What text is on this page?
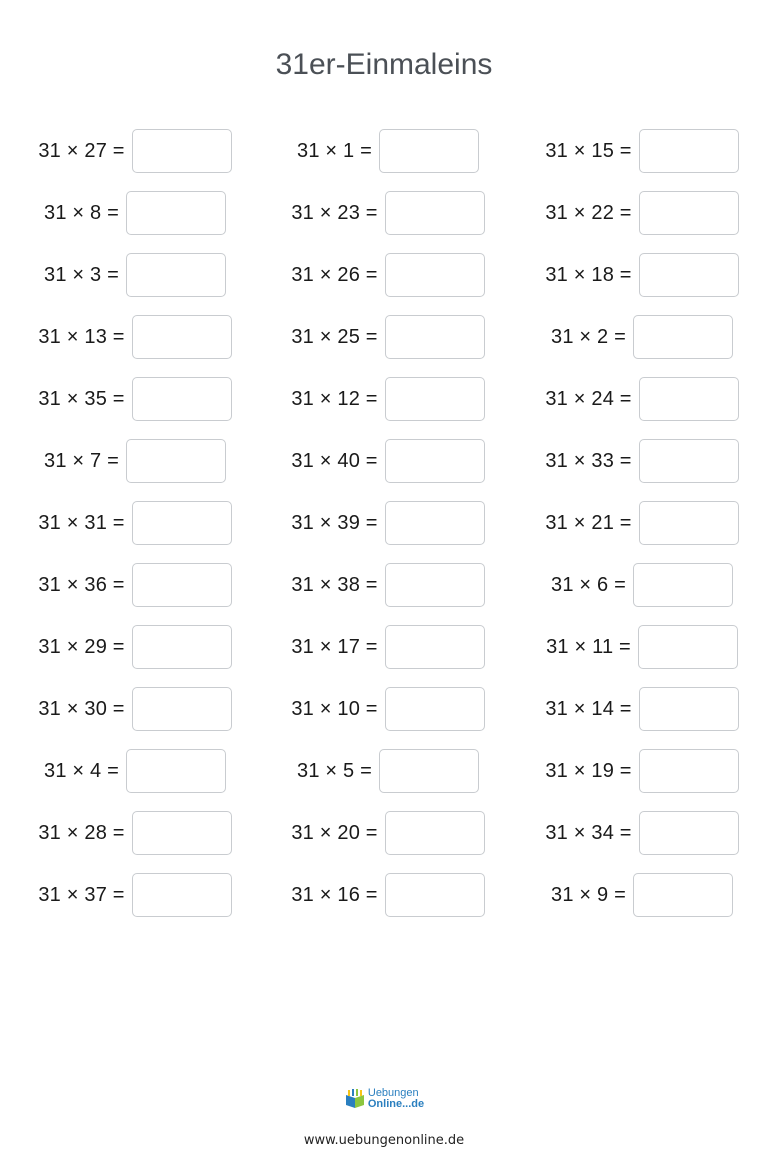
31er-Einmaleins
31 × 27 =	31 × 1 =	31 × 15 =
31 × 8 =	31 × 23 =	31 × 22 =
31 × 3 =	31 × 26 =	31 × 18 =
31 × 13 =	31 × 25 =	31 × 2 =
31 × 35 =	31 × 12 =	31 × 24 =
31 × 7 =	31 × 40 =	31 × 33 =
31 × 31 =	31 × 39 =	31 × 21 =
31 × 36 =	31 × 38 =	31 × 6 =
31 × 29 =	31 × 17 =	31 × 11 =
31 × 30 =	31 × 10 =	31 × 14 =
31 × 4 =	31 × 5 =	31 × 19 =
31 × 28 =	31 × 20 =	31 × 34 =
31 × 37 =	31 × 16 =	31 × 9 =
Uebungen
Online...de
www.uebungenonline.de
